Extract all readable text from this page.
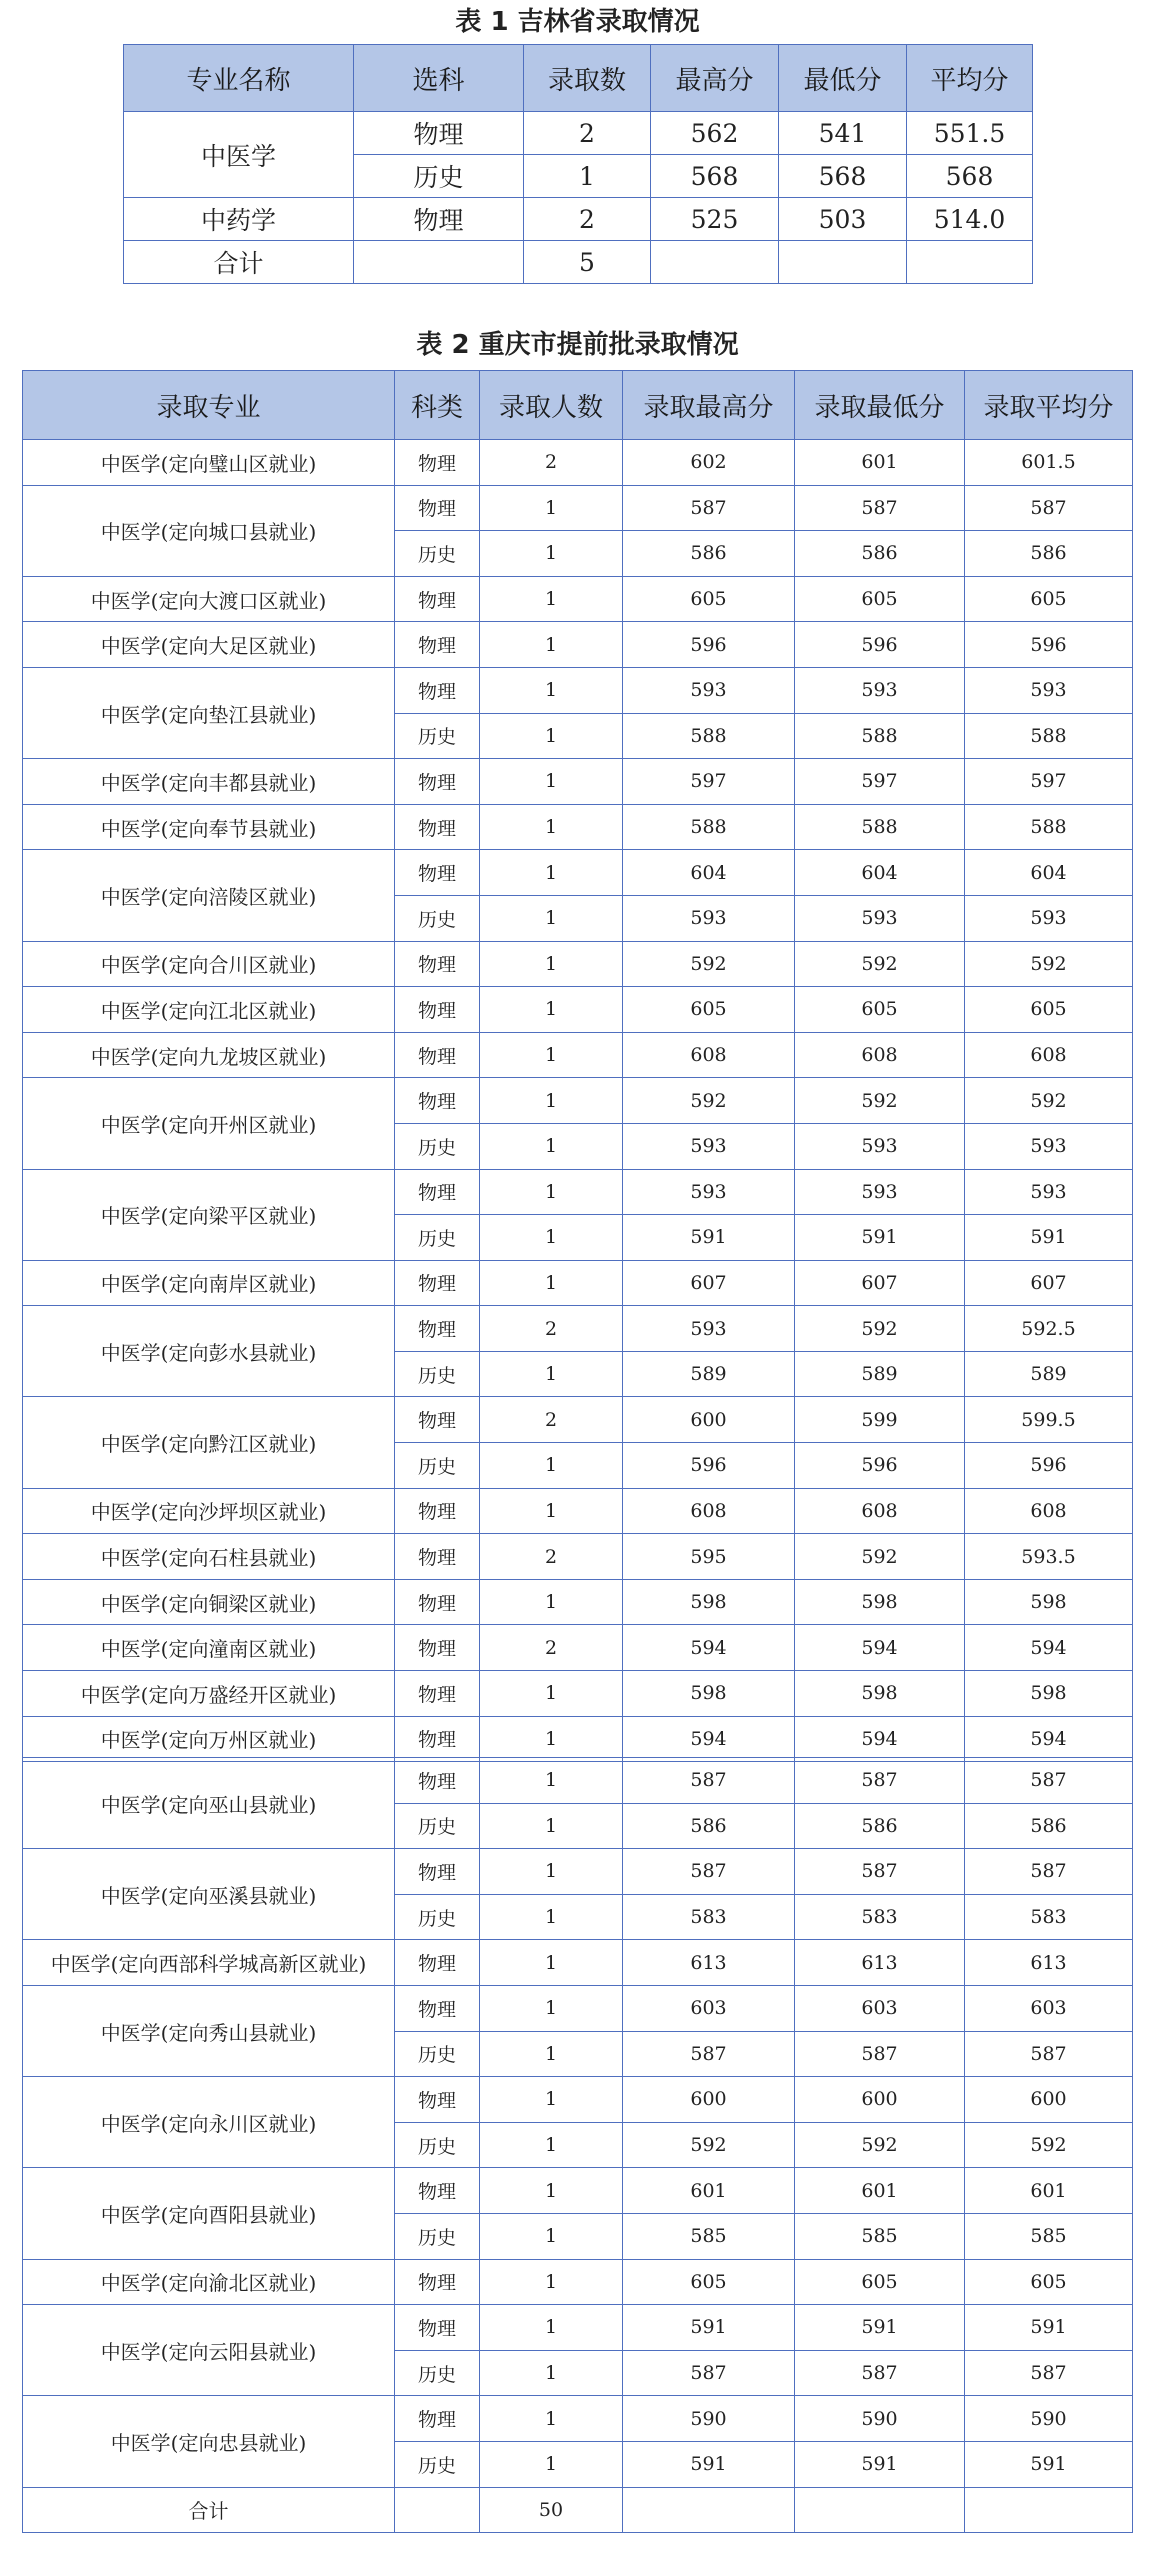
表 1 吉林省录取情况
专业名称	选科	录取数	最高分	最低分	平均分
中医学	物理	2	562	541	551.5
	历史	1	568	568	568
中药学	物理	2	525	503	514.0
合计		5			
表 2 重庆市提前批录取情况
录取专业	科类	录取人数	录取最高分	录取最低分	录取平均分
中医学(定向璧山区就业)	物理	2	602	601	601.5
中医学(定向城口县就业)	物理	1	587	587	587
	历史	1	586	586	586
中医学(定向大渡口区就业)	物理	1	605	605	605
中医学(定向大足区就业)	物理	1	596	596	596
中医学(定向垫江县就业)	物理	1	593	593	593
	历史	1	588	588	588
中医学(定向丰都县就业)	物理	1	597	597	597
中医学(定向奉节县就业)	物理	1	588	588	588
中医学(定向涪陵区就业)	物理	1	604	604	604
	历史	1	593	593	593
中医学(定向合川区就业)	物理	1	592	592	592
中医学(定向江北区就业)	物理	1	605	605	605
中医学(定向九龙坡区就业)	物理	1	608	608	608
中医学(定向开州区就业)	物理	1	592	592	592
	历史	1	593	593	593
中医学(定向梁平区就业)	物理	1	593	593	593
	历史	1	591	591	591
中医学(定向南岸区就业)	物理	1	607	607	607
中医学(定向彭水县就业)	物理	2	593	592	592.5
	历史	1	589	589	589
中医学(定向黔江区就业)	物理	2	600	599	599.5
	历史	1	596	596	596
中医学(定向沙坪坝区就业)	物理	1	608	608	608
中医学(定向石柱县就业)	物理	2	595	592	593.5
中医学(定向铜梁区就业)	物理	1	598	598	598
中医学(定向潼南区就业)	物理	2	594	594	594
中医学(定向万盛经开区就业)	物理	1	598	598	598
中医学(定向万州区就业)	物理	1	594	594	594
中医学(定向巫山县就业)	物理	1	587	587	587
	历史	1	586	586	586
中医学(定向巫溪县就业)	物理	1	587	587	587
	历史	1	583	583	583
中医学(定向西部科学城高新区就业)	物理	1	613	613	613
中医学(定向秀山县就业)	物理	1	603	603	603
	历史	1	587	587	587
中医学(定向永川区就业)	物理	1	600	600	600
	历史	1	592	592	592
中医学(定向酉阳县就业)	物理	1	601	601	601
	历史	1	585	585	585
中医学(定向渝北区就业)	物理	1	605	605	605
中医学(定向云阳县就业)	物理	1	591	591	591
	历史	1	587	587	587
中医学(定向忠县就业)	物理	1	590	590	590
	历史	1	591	591	591
合计		50			
